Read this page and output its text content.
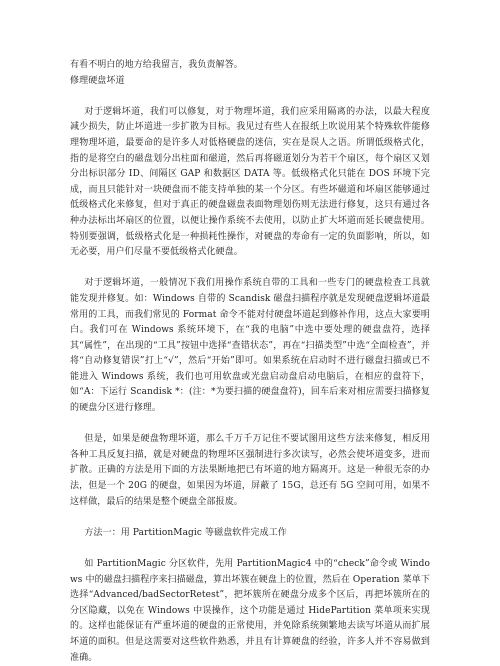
有看不明白的地方给我留言，我负责解答。

修理硬盘坏道

对于逻辑坏道，我们可以修复，对于物理坏道，我们应采用隔离的办法，以最大程度减少损失，防止坏道进一步扩散为目标。我见过有些人在报纸上吹说用某个特殊软件能修理物理坏道，最要命的是许多人对低格硬盘的迷信，实在是误人之语。所谓低级格式化，指的是将空白的磁盘划分出柱面和磁道，然后再将磁道划分为若干个扇区，每个扇区又划分出标识部分 ID、间隔区 GAP 和数据区 DATA 等。低级格式化只能在 DOS 环境下完成，而且只能针对一块硬盘而不能支持单独的某一个分区。有些坏磁道和坏扇区能够通过低级格式化来修复，但对于真正的硬盘磁盘表面物理划伤则无法进行修复，这只有通过各种办法标出坏扇区的位置，以便让操作系统不去使用，以防止扩大坏道而延长硬盘使用。特别要强调，低级格式化是一种损耗性操作，对硬盘的寿命有一定的负面影响，所以，如无必要，用户们尽量不要低级格式化硬盘。

对于逻辑坏道，一般情况下我们用操作系统自带的工具和一些专门的硬盘检查工具就能发现并修复。如：Windows 自带的 Scandisk 磁盘扫描程序就是发现硬盘逻辑坏道最常用的工具，而我们常见的 Format 命令不能对付硬盘坏道起到修补作用，这点大家要明白。我们可在 Windows 系统环境下，在“我的电脑”中选中要处理的硬盘盘符，选择其“属性”，在出现的“工具”按钮中选择“查错状态”，再在“扫描类型”中选“全面检查”，并将“自动修复错误”打上“√”，然后“开始”即可。如果系统在启动时不进行磁盘扫描或已不能进入 Windows 系统，我们也可用软盘或光盘启动盘启动电脑后，在相应的盘符下，如“A：下运行 Scandisk *：(注：*为要扫描的硬盘盘符)，回车后来对相应需要扫描修复的硬盘分区进行修理。

但是，如果是硬盘物理坏道，那么千万千万记住不要试图用这些方法来修复，相反用各种工具反复扫描，就是对硬盘的物理坏区强制进行多次读写，必然会使坏道变多，进而扩散。正确的方法是用下面的方法果断地把已有坏道的地方隔离开。这是一种很无奈的办法，但是一个 20G 的硬盘，如果因为坏道，屏蔽了 15G，总还有 5G 空间可用，如果不这样做，最后的结果是整个硬盘全部报废。

方法一：用 PartitionMagic 等磁盘软件完成工作

如 PartitionMagic 分区软件，先用 PartitionMagic4 中的“check”命令或 Windows 中的磁盘扫描程序来扫描磁盘，算出坏簇在硬盘上的位置，然后在 Operation 菜单下选择“Advanced/badSectorRetest”，把坏簇所在硬盘分成多个区后，再把坏簇所在的分区隐藏，以免在 Windows 中误操作，这个功能是通过 HidePartition 菜单项来实现的。这样也能保证有严重坏道的硬盘的正常使用，并免除系统频繁地去读写坏道从而扩展坏道的面积。但是这需要对这些软件熟悉，并且有计算硬盘的经验，许多人并不容易做到准确。
